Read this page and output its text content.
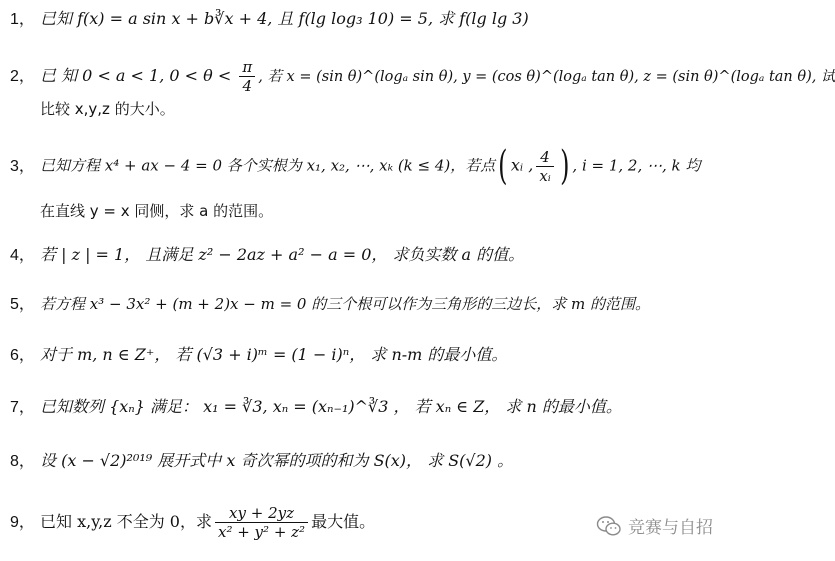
1， 已知 f(x) = a sin x + b∛x + 4, 且 f(lg log₃ 10) = 5, 求 f(lg lg 3)
2， 已 知 0 < a < 1, $0 < \theta < \frac{\pi}{4}$ , 若 x = (sin θ)^(logₐ sin θ), y = (cos θ)^(logₐ tan θ), z = (sin θ)^(logₐ tan θ), 试
比较 x,y,z 的大小。
3， 已知方程 x⁴ + ax − 4 = 0 各个实根为 x₁, x₂, ⋯, xₖ (k ≤ 4)，若点( xᵢ , $\frac{4}{\text{xᵢ}}$ ) , i = 1, 2, ⋯, k 均
在直线 y = x 同侧，求 a 的范围。
4， 若 | z | = 1， 且满足 z² − 2az + a² − a = 0， 求负实数 a 的值。
5， 若方程 x³ − 3x² + (m + 2)x − m = 0 的三个根可以作为三角形的三边长，求 m 的范围。
6， 对于 m, n ∈ Z⁺， 若 (√3 + i)ᵐ = (1 − i)ⁿ， 求 n-m 的最小值。
7， 已知数列 {xₙ} 满足： x₁ = ∛3, xₙ = (xₙ₋₁)^∛3 ， 若 xₙ ∈ Z， 求 n 的最小值。
8， 设 (x − √2)²⁰¹⁹ 展开式中 x 奇次幂的项的和为 S(x)， 求 S(√2) 。
9， 已知 x,y,z 不全为 0，求 $\frac{xy + 2yz}{\text{x² + y² + z²}}$ 最大值。	竞赛与自招
